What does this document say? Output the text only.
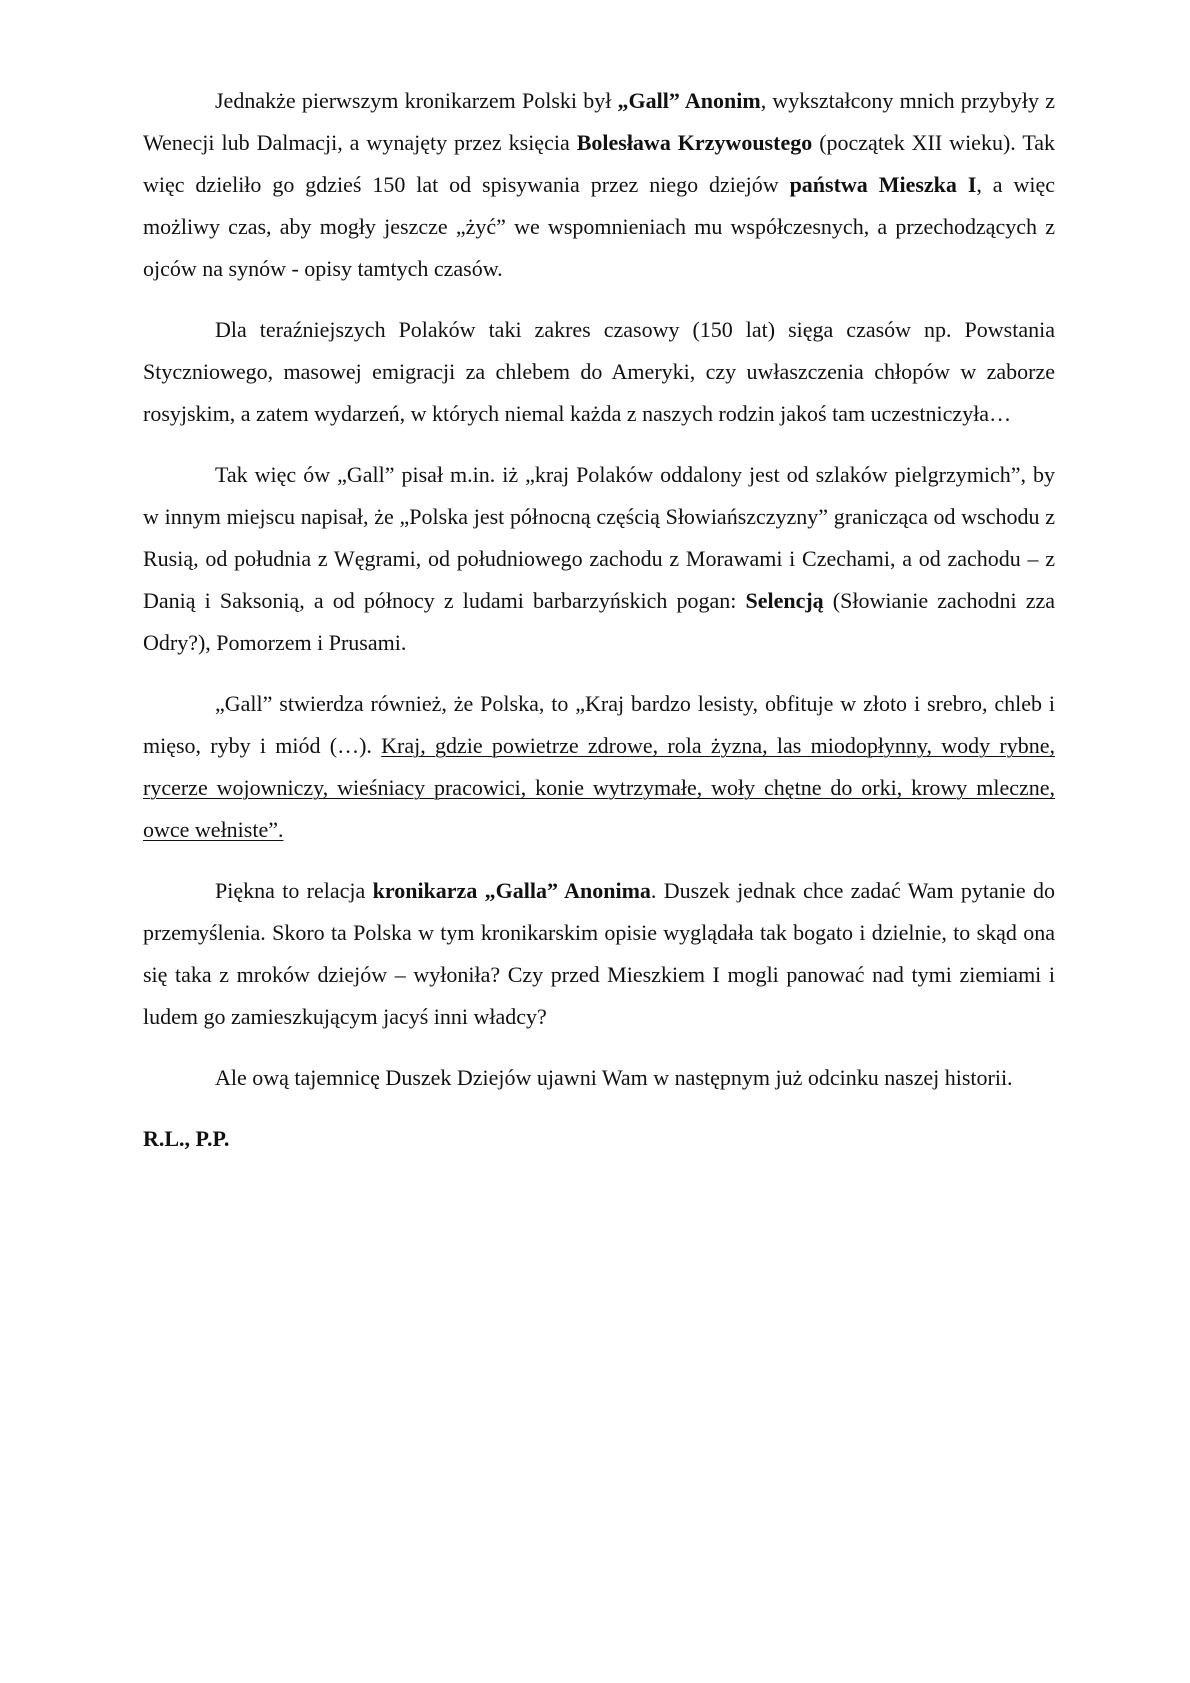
Jednakże pierwszym kronikarzem Polski był „Gall” Anonim, wykształcony mnich przybyły z Wenecji lub Dalmacji, a wynajęty przez księcia Bolesława Krzywoustego (początek XII wieku). Tak więc dzieliło go gdzieś 150 lat od spisywania przez niego dziejów państwa Mieszka I, a więc możliwy czas, aby mogły jeszcze „żyć” we wspomnieniach mu współczesnych, a przechodzących z ojców na synów - opisy tamtych czasów.

Dla teraźniejszych Polaków taki zakres czasowy (150 lat) sięga czasów np. Powstania Styczniowego, masowej emigracji za chlebem do Ameryki, czy uwłaszczenia chłopów w zaborze rosyjskim, a zatem wydarzeń, w których niemal każda z naszych rodzin jakoś tam uczestniczyła…

Tak więc ów „Gall” pisał m.in. iż „kraj Polaków oddalony jest od szlaków pielgrzymich”, by w innym miejscu napisał, że „Polska jest północną częścią Słowiańszczyzny” granicząca od wschodu z Rusią, od południa z Węgrami, od południowego zachodu z Morawami i Czechami, a od zachodu – z Danią i Saksonią, a od północy z ludami barbarzyńskich pogan: Selencją (Słowianie zachodni zza Odry?), Pomorzem i Prusami.

„Gall” stwierdza również, że Polska, to „Kraj bardzo lesisty, obfituje w złoto i srebro, chleb i mięso, ryby i miód (…). Kraj, gdzie powietrze zdrowe, rola żyzna, las miodopłynny, wody rybne, rycerze wojowniczy, wieśniacy pracowici, konie wytrzymałe, woły chętne do orki, krowy mleczne, owce wełniste”.

Piękna to relacja kronikarza „Galla” Anonima. Duszek jednak chce zadać Wam pytanie do przemyślenia. Skoro ta Polska w tym kronikarskim opisie wyglądała tak bogato i dzielnie, to skąd ona się taka z mroków dziejów – wyłoniła? Czy przed Mieszkiem I mogli panować nad tymi ziemiami i ludem go zamieszkującym jacyś inni władcy?

Ale ową tajemnicę Duszek Dziejów ujawni Wam w następnym już odcinku naszej historii.

R.L., P.P.
